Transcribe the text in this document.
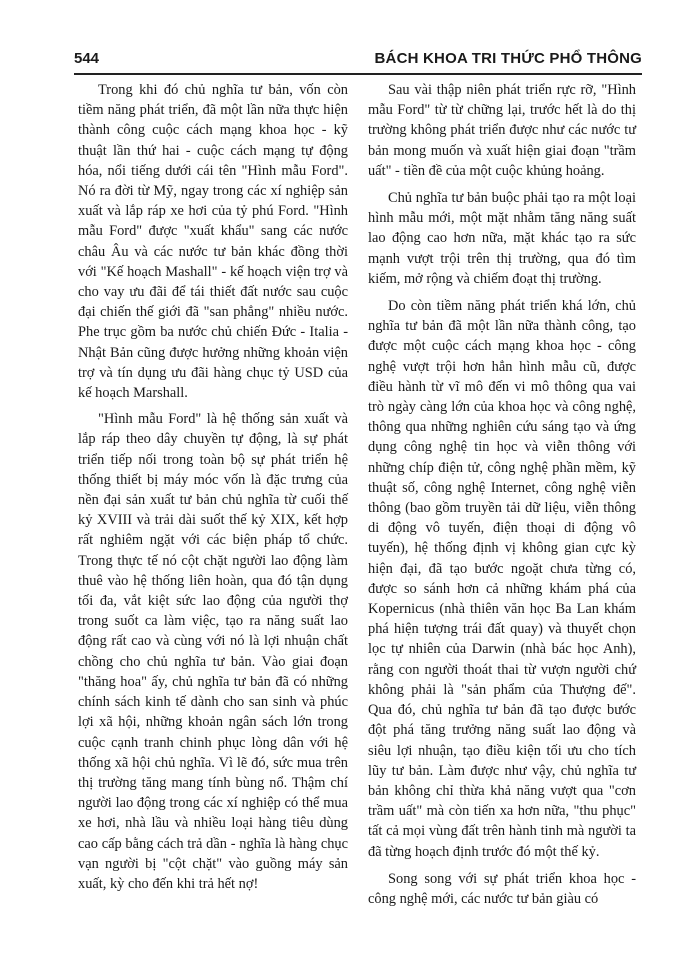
544	BÁCH KHOA TRI THỨC PHỔ THÔNG

Trong khi đó chủ nghĩa tư bản, vốn còn tiềm năng phát triển, đã một lần nữa thực hiện thành công cuộc cách mạng khoa học - kỹ thuật lần thứ hai - cuộc cách mạng tự động hóa, nổi tiếng dưới cái tên "Hình mẫu Ford". Nó ra đời từ Mỹ, ngay trong các xí nghiệp sản xuất và lắp ráp xe hơi của tỷ phú Ford. "Hình mẫu Ford" được "xuất khẩu" sang các nước châu Âu và các nước tư bản khác đồng thời với "Kế hoạch Mashall" - kế hoạch viện trợ và cho vay ưu đãi để tái thiết đất nước sau cuộc đại chiến thế giới đã "san phẳng" nhiều nước. Phe trục gồm ba nước chủ chiến Đức - Italia - Nhật Bản cũng được hưởng những khoản viện trợ và tín dụng ưu đãi hàng chục tỷ USD của kế hoạch Marshall.

"Hình mẫu Ford" là hệ thống sản xuất và lắp ráp theo dây chuyền tự động, là sự phát triển tiếp nối trong toàn bộ sự phát triển hệ thống thiết bị máy móc vốn là đặc trưng của nền đại sản xuất tư bản chủ nghĩa từ cuối thế kỷ XVIII và trải dài suốt thế kỷ XIX, kết hợp rất nghiêm ngặt với các biện pháp tổ chức. Trong thực tế nó cột chặt người lao động làm thuê vào hệ thống liên hoàn, qua đó tận dụng tối đa, vắt kiệt sức lao động của người thợ trong suốt ca làm việc, tạo ra năng suất lao động rất cao và cùng với nó là lợi nhuận chất chồng cho chủ nghĩa tư bản. Vào giai đoạn "thăng hoa" ấy, chủ nghĩa tư bản đã có những chính sách kinh tế dành cho san sinh và phúc lợi xã hội, những khoản ngân sách lớn trong cuộc cạnh tranh chinh phục lòng dân với hệ thống xã hội chủ nghĩa. Vì lẽ đó, sức mua trên thị trường tăng mang tính bùng nổ. Thậm chí người lao động trong các xí nghiệp có thể mua xe hơi, nhà lầu và nhiều loại hàng tiêu dùng cao cấp bằng cách trả dần - nghĩa là hàng chục vạn người bị "cột chặt" vào guồng máy sản xuất, kỳ cho đến khi trả hết nợ!

Sau vài thập niên phát triển rực rỡ, "Hình mẫu Ford" từ từ chững lại, trước hết là do thị trường không phát triển được như các nước tư bản mong muốn và xuất hiện giai đoạn "trầm uất" - tiền đề của một cuộc khủng hoảng.

Chủ nghĩa tư bản buộc phải tạo ra một loại hình mẫu mới, một mặt nhằm tăng năng suất lao động cao hơn nữa, mặt khác tạo ra sức mạnh vượt trội trên thị trường, qua đó tìm kiếm, mở rộng và chiếm đoạt thị trường.

Do còn tiềm năng phát triển khá lớn, chủ nghĩa tư bản đã một lần nữa thành công, tạo được một cuộc cách mạng khoa học - công nghệ vượt trội hơn hẳn hình mẫu cũ, được điều hành từ vĩ mô đến vi mô thông qua vai trò ngày càng lớn của khoa học và công nghệ, thông qua những nghiên cứu sáng tạo và ứng dụng công nghệ tin học và viễn thông với những chíp điện tử, công nghệ phần mềm, kỹ thuật số, công nghệ Internet, công nghệ viễn thông (bao gồm truyền tải dữ liệu, viễn thông di động vô tuyến, điện thoại di động vô tuyến), hệ thống định vị không gian cực kỳ hiện đại, đã tạo bước ngoặt chưa từng có, được so sánh hơn cả những khám phá của Kopernicus (nhà thiên văn học Ba Lan khám phá hiện tượng trái đất quay) và thuyết chọn lọc tự nhiên của Darwin (nhà bác học Anh), rằng con người thoát thai từ vượn người chứ không phải là "sản phẩm của Thượng đế". Qua đó, chủ nghĩa tư bản đã tạo được bước đột phá tăng trưởng năng suất lao động và siêu lợi nhuận, tạo điều kiện tối ưu cho tích lũy tư bản. Làm được như vậy, chủ nghĩa tư bản không chỉ thừa khả năng vượt qua "cơn trầm uất" mà còn tiến xa hơn nữa, "thu phục" tất cả mọi vùng đất trên hành tinh mà người ta đã từng hoạch định trước đó một thế kỷ.

Song song với sự phát triển khoa học - công nghệ mới, các nước tư bản giàu có
